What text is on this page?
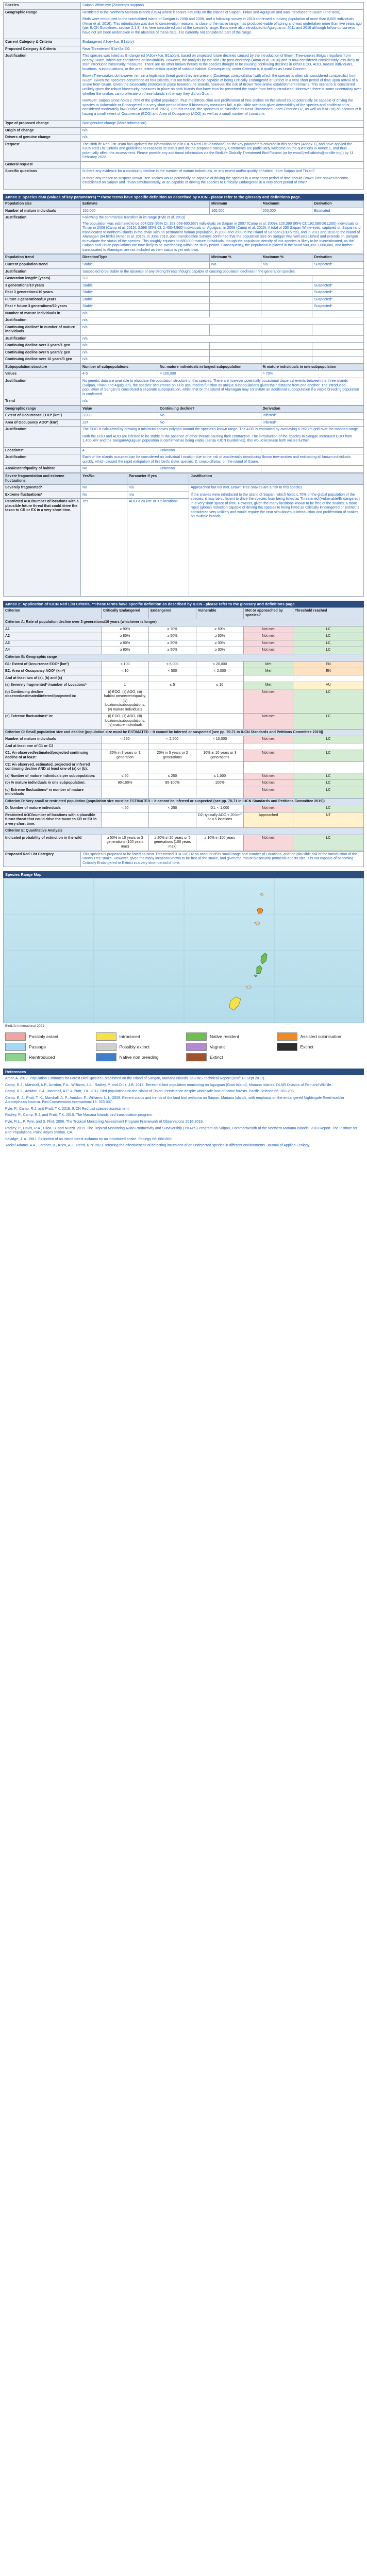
Species	Saipan White-eye (Zosterops saypani)
Geographic Range	Restricted to the Northern Mariana Islands (USA) where it occurs naturally on the islands of Saipan, Tinian and Aguiguan and was introduced to Guam (and Rota).

Birds were introduced to the uninhabited island of Sarigan in 2008 and 2009, and a follow-up survey in 2010 confirmed a thriving population of more than 8,000 individuals (Amar et al. 2016). This introduction was due to conservation reasons, is close to the native range, has produced viable offspring and was undertaken more than five years ago (per IUCN Guidelines, section 2.1.3), it is here considered part of the species's range. Birds were also introduced to Aguiguan in 2011 and 2016 although follow-up surveys have not yet been undertaken in the absence of these data, it is currently not considered part of the range.

Current Category & Criteria	Endangered A3ce+4ce; B1ab(v)
Proposed Category & Criteria	Near Threatened B1a+2a; D2
Justification	This species was listed as Endangered (A3ce+4ce; B1ab(v)), based on projected future declines caused by the introduction of Brown Tree-snakes Boiga irregularis from nearby Guam, which are considered an inevitability. However, the analysis by the Bird Life post-workshop (Amar et al. 2016) and is now considered considerably less likely to start introduced biosecurity measures. There are no other known threats to the species thought to be causing continuing declines in either EOO, AOO, mature individuals, locations, subpopulations, or the area, extent and/or quality of suitable habitat. Consequently, under Criterion A, it qualifies as Least Concern.

Brown Tree-snakes do however remain a legitimate threat given they are present (Zosterops conspicillatus (with which the species is often still considered conspecific) from Guam. Given the species's occurrence as four islands, it is not believed to be capable of being Critically Endangered or Extinct in a very short period of time upon arrival of a snake from Guam. Given the biosecurity protocols in place between the islands, however, the risk of Brown Tree-snake establishment remains. This scenario is considered unlikely given the robust biosecurity measures in place on both islands that have thus far prevented the snake from being introduced. Moreover, there is some uncertainty over whether the snakes can proliferate on these islands in the way they did on Guam.

However, Saipan alone holds c.70% of the global population, thus the introduction and proliferation of tree-snakes on this island could potentially be capable of driving the species to Vulnerable or Endangered in a very short period of time if biosecurity measures fail, a plausible scenario given detectability of the species and proliferation is considered moderately low (Yackel Adams et al. 2021). For this reason, the species is re-classified as Near Threatened under Criterion D2, as well as B1a+2a) on account of it having a small extent of Occurrence (EOO) and Area of Occupancy (AOO) as well as a small number of Locations.

Type of proposed change	Non-genuine change (More information)
Origin of change	n/a
Drivers of genuine change	n/a
Request	The BirdLife Red List Team has updated the information held in IUCN Red List (database) on the key parameters covered in this species (Annex 1), and have applied the IUCN Red List Criteria and guidelines to reassess its status and list the proposed category. Comments are particularly welcome on the questions in Annex 1, and thus potentially affect the assessment. Please provide any additional information via the BirdLife Globally Threatened Bird Forums (or by email [redlistbirds@birdlife.org]) by 11 February 2022.
General request	
Specific questions	Is there any evidence for a continuing decline in the number of mature individuals, or any extent and/or quality of habitat, from Saipan and Tinian?

Is there any reason to suspect Brown Tree-snakes would potentially be capable of driving the species in a very short period of time should Brown Tree-snakes become established on Saipan and Tinian simultaneously, or an capable of driving the species to Critically Endangered in a very short period of time?

Annex 1: Species data (values of key parameters) **These terms have specific definition as described by IUCN - please refer to the glossary and definitions page.
Population size	Estimate	Minimum	Maximum	Derivation
Number of mature individuals	150,000	100,000	200,000	Estimated
Justification	Following the commercial transfers in its range (Pyle et al. 2019)
The population was estimated to be 504,029 (95% CI: 327,058-600,667) individuals on Saipan in 2007 (Camp et al. 2009), 120,390 (95% CI: 192,080-261,200) individuals on Tinian in 2008 (Camp et al. 2015), 3,598 (95% CI: 2,450-4,960) individuals on Aguiguan in 2008 (Camp et al. 2015). A total of 290 Saipan White-eyes, captured on Saipan and translocated to northern islands in the chain with no permanent human population, in 2008 and 2009 to the island of Sarigan (100 birds), and in 2011 and 2016 to the island of Alamagan (94 birds) (Amar et al. 2016). In June 2010, post-translocation surveys confirmed that the population size on Sarigan was well established and extends on Sarigan to evaluate the status of the species. This roughly equates to 680,000 mature individuals, though the population density of this species is likely to be overestimated, as the Saipan and Tinian populations are now likely to be overlapping within the study period. Consequently, the population is placed in the band 500,000-1,000,000, and further translocated to Alamagan are not included as their status is yet unknown.			
Population trend	Direction/Type	Minimum %	Maximum %	Derivation
Current population trend	Stable	n/a	n/a	Suspected*
Justification	Suspected to be stable in the absence of any strong threats thought capable of causing population declines in the generation species.			
Generation length* (years)	3.3			
3 generations/10 years	Stable			Suspected*
Past 3 generations/10 years	Stable			Suspected*
Future 3 generations/10 years	Stable			Suspected*
Past + future 3 generations/10 years	Stable			Suspected*
Number of mature individuals in	n/a			
Justification	n/a			
Continuing decline* in number of mature individuals	n/a			
Justification	n/a			
Continuing decline over 3 years/1 gen	n/a			
Continuing decline over 5 years/2 gen	n/a			
Continuing decline over 10 years/3 gen	n/a			
Subpopulation structure	Number of subpopulations	No. mature individuals in largest subpopulation	% mature individuals in one subpopulation
Values	4-5	> 100,000	> 70%
Justification	No genetic data are available to elucidate the population structure of this species. There are however potentially occasional dispersal events between the three islands (Saipan, Tinian and Aguiguan), the species' occurrence on all is assumed to function as unique subpopulations given their distance from one another. The introduced population of Sarigan is considered a separate subpopulation, whilst that on the island of Alamagan may constitute an additional subpopulation if a viable breeding population is confirmed.		
Trend	n/a		
Geographic range	Value	Continuing decline?	Derivation
Extent of Occurrence EOO* (km²)	3,090	No	Inferred*
Area of Occupancy AOO* (km²)	224	No	Inferred*
Justification	The EOO is calculated by drawing a minimum convex polygon around the species's known range. The AOO is estimated by overlaying a 2x2 km grid over the mapped range.

Both the EOO and AOO are inferred to be stable in the absence of other threats causing their contraction. The introduction of the species to Sarigan increased EOO from 1,400 km² and the Sarigan/Aguiguan population is confirmed as being viable (sensu IUCN Guidelines), this would increase both values further.		

Locations*	4	Unknown	
Justification	Each of the islands occupied can be considered an individual Location due to the risk of accidentally introducing Brown tree-snakes and extirpating all known individuals quickly, which caused the rapid extirpation of this bird's sister species, Z. conspicillatus, on the island of Guam.		
Area/extent/quality of habitat	No	Unknown	
Severe fragmentation and extreme fluctuations	Yes/No	Parameter if yes	Justification
Severely fragmented*	No	n/a	Approached but not met. Brown Tree-snakes are a risk to this species.

If the snakes were introduced to the island of Saipan, which holds c.70% of the global population of the species, it may be sufficient to drive the species from being listed as Threatened (Vulnerable/Endangered) in a very short space of time. However, given the many locations known to be free of the snakes, a more rapid (global) reduction capable of driving the species to being listed as Critically Endangered or Extinct is considered very unlikely and would require the near simultaneous introduction and proliferation of snakes on multiple islands.

Extreme fluctuations*	No	n/a	
Restricted AOO/number of locations with a plausible future threat that could drive the taxon to CR or EX in a very short time.	Yes	AOO < 20 km² or < 5 locations	
Annex 2: Application of IUCN Red List Criteria. **These terms have specific definition as described by IUCN - please refer to the glossary and definitions page.
Criterion	Critically Endangered	Endangered	Vulnerable	Met or approached by species?	Threshold reached
Criterion A: Rate of population decline over 3 generations/10 years (whichever is longer)					
A1	≥ 90%	≥ 70%	≥ 50%	Not met	LC
A2	≥ 80%	≥ 50%	≥ 30%	Not met	LC
A3	≥ 80%	≥ 50%	≥ 30%	Not met	LC
A4	≥ 80%	≥ 50%	≥ 30%	Not met	LC
Criterion B: Geographic range					
B1: Extent of Occurrence EOO* (km²)	< 100	< 5,000	< 20,000	Met	EN
B2: Area of Occupancy AOO* (km²)	< 10	< 500	< 2,000	Met	EN
And at least two of (a), (b) and (c)					
(a) Severely fragmented* /number of Locations*	1	≤ 5	≤ 10	Met	VU
(b) Continuing decline observed/estimated/inferred/projected in:	(i) EOO, (ii) AOO, (iii) habitat area/extent/quality, (iv) locations/subpopulations, (v) mature individuals			Not met	LC
(c) Extreme fluctuations* in:	(i) EOO, (ii) AOO, (iii) locations/subpopulations, (iv) mature individuals			Not met	LC
Criterion C: Small population size and decline (population size must be ESTIMATED – it cannot be inferred or suspected (see pp. 70-71 in IUCN Standards and Petitions Committee 2019))					
Number of mature individuals	< 250	< 2,500	< 10,000	Not met	LC
And at least one of C1 or C2					
C1: An observed/estimated/projected continuing decline of at least:	25% in 3 years or 1 generation	20% in 5 years or 2 generations	10% in 10 years or 3 generations	Not met	LC
C2: An observed, estimated, projected or inferred continuing decline AND at least one of (a) or (b):					
(a) Number of mature individuals per subpopulation:	≤ 50	≤ 250	≤ 1,000	Not met	LC
(b) % mature individuals in one subpopulation:	90-100%	95-100%	100%	Not met	LC
(c) Extreme fluctuations* in number of mature individuals				Not met	LC
Criterion D: Very small or restricted population (population size must be ESTIMATED – it cannot be inferred or suspected (see pp. 70-71 in IUCN Standards and Petitions Committee 2019))					
D. Number of mature individuals	< 50	< 250	D1: < 1,000	Not met	LC
Restricted AOO/number of locations with a plausible future threat that could drive the taxon to CR or EX in a very short time.			D2: typically AOO < 20 km² or ≤ 5 locations	Approached	NT
Criterion E: Quantitative Analysis					
Indicated probability of extinction in the wild	≥ 50% in 10 years or 3 generations (100 years max)	≥ 20% in 20 years or 5 generations (100 years max)	≥ 10% in 100 years	Not met	LC
Proposed Red List Category	This species is proposed to be listed as Near Threatened B1a+2a; D2 on account of its small range and number of Locations, and the plausible risk of the introduction of the Brown Tree-snake. However, given the many locations known to be free of the snake, and given the robust biosecurity protocols and its size, it is not capable of becoming Critically Endangered or Extinct in a very short period of time.
Species Range Map
BirdLife International 2021
Possibly extant	Introduced	Native resident	Assisted colonisation
Passage	Possibly extinct	Vagrant	Extinct
Reintroduced	Native non breeding	Extinct
References

Amar, A. 2017. Population Estimates for Forest Bird Species Established on the Island of Sarigan, Mariana Islands. USFWS Technical Report (Draft 18 Sept 2017).

Camp, R.J., Marshall, A.P., Amidon, F.A., Williams, L.L., Radley, P. and Cruz, J.B. 2014. Terrestrial bird population monitoring on Aguiguan (Goat Island), Mariana Islands. DLNR Division of Fish and Wildlife.

Camp, R.J., Amidon, F.A., Marshall, A.P. & Pratt, T.K. 2012. Bird populations on the island of Tinian: Persistence despite wholesale loss of native forests. Pacific Science 66: 283-298.

Camp, R. J., Pratt, T. K., Marshall, A. P., Amidon, F., Williams, L. L. 2009. Recent status and trends of the land bird avifauna on Saipan, Mariana Islands, with emphasis on the endangered Nightingale Reed-warbler Acrocephalus luscinia. Bird Conservation International 19: 323-337.

Pyle, P., Camp, R.J. and Pratt, T.K. 2019. IUCN Red List species assessment.

Radley, P., Camp, R.J. and Pratt, T.K. 2010. The Mariana Islands bird translocation program.

Pyle, R.L., P. Pyle, and S. Flint. 2006. The Tropical Monitoring Assessment Program Framework of Observations 2016-2019.

Radley, P., Davis, R.A., Ulloa, B. and Nuzzo. 2019. The Tropical Monitoring Avian Productivity and Survivorship (TMAPS) Program on Saipan, Commonwealth of the Northern Mariana Islands: 2010 Report. The Institute for Bird Populations, Point Reyes Station, CA.

Savidge, J. A. 1987. Extinction of an island forest avifauna by an introduced snake. Ecology 68: 660-668.

Yackel Adams, A.A., Lardner, B., Knox, A.J., Reed, R.N. 2021. Inferring the effectiveness of detecting incursions of an undetected species in different environments. Journal of Applied Ecology.
